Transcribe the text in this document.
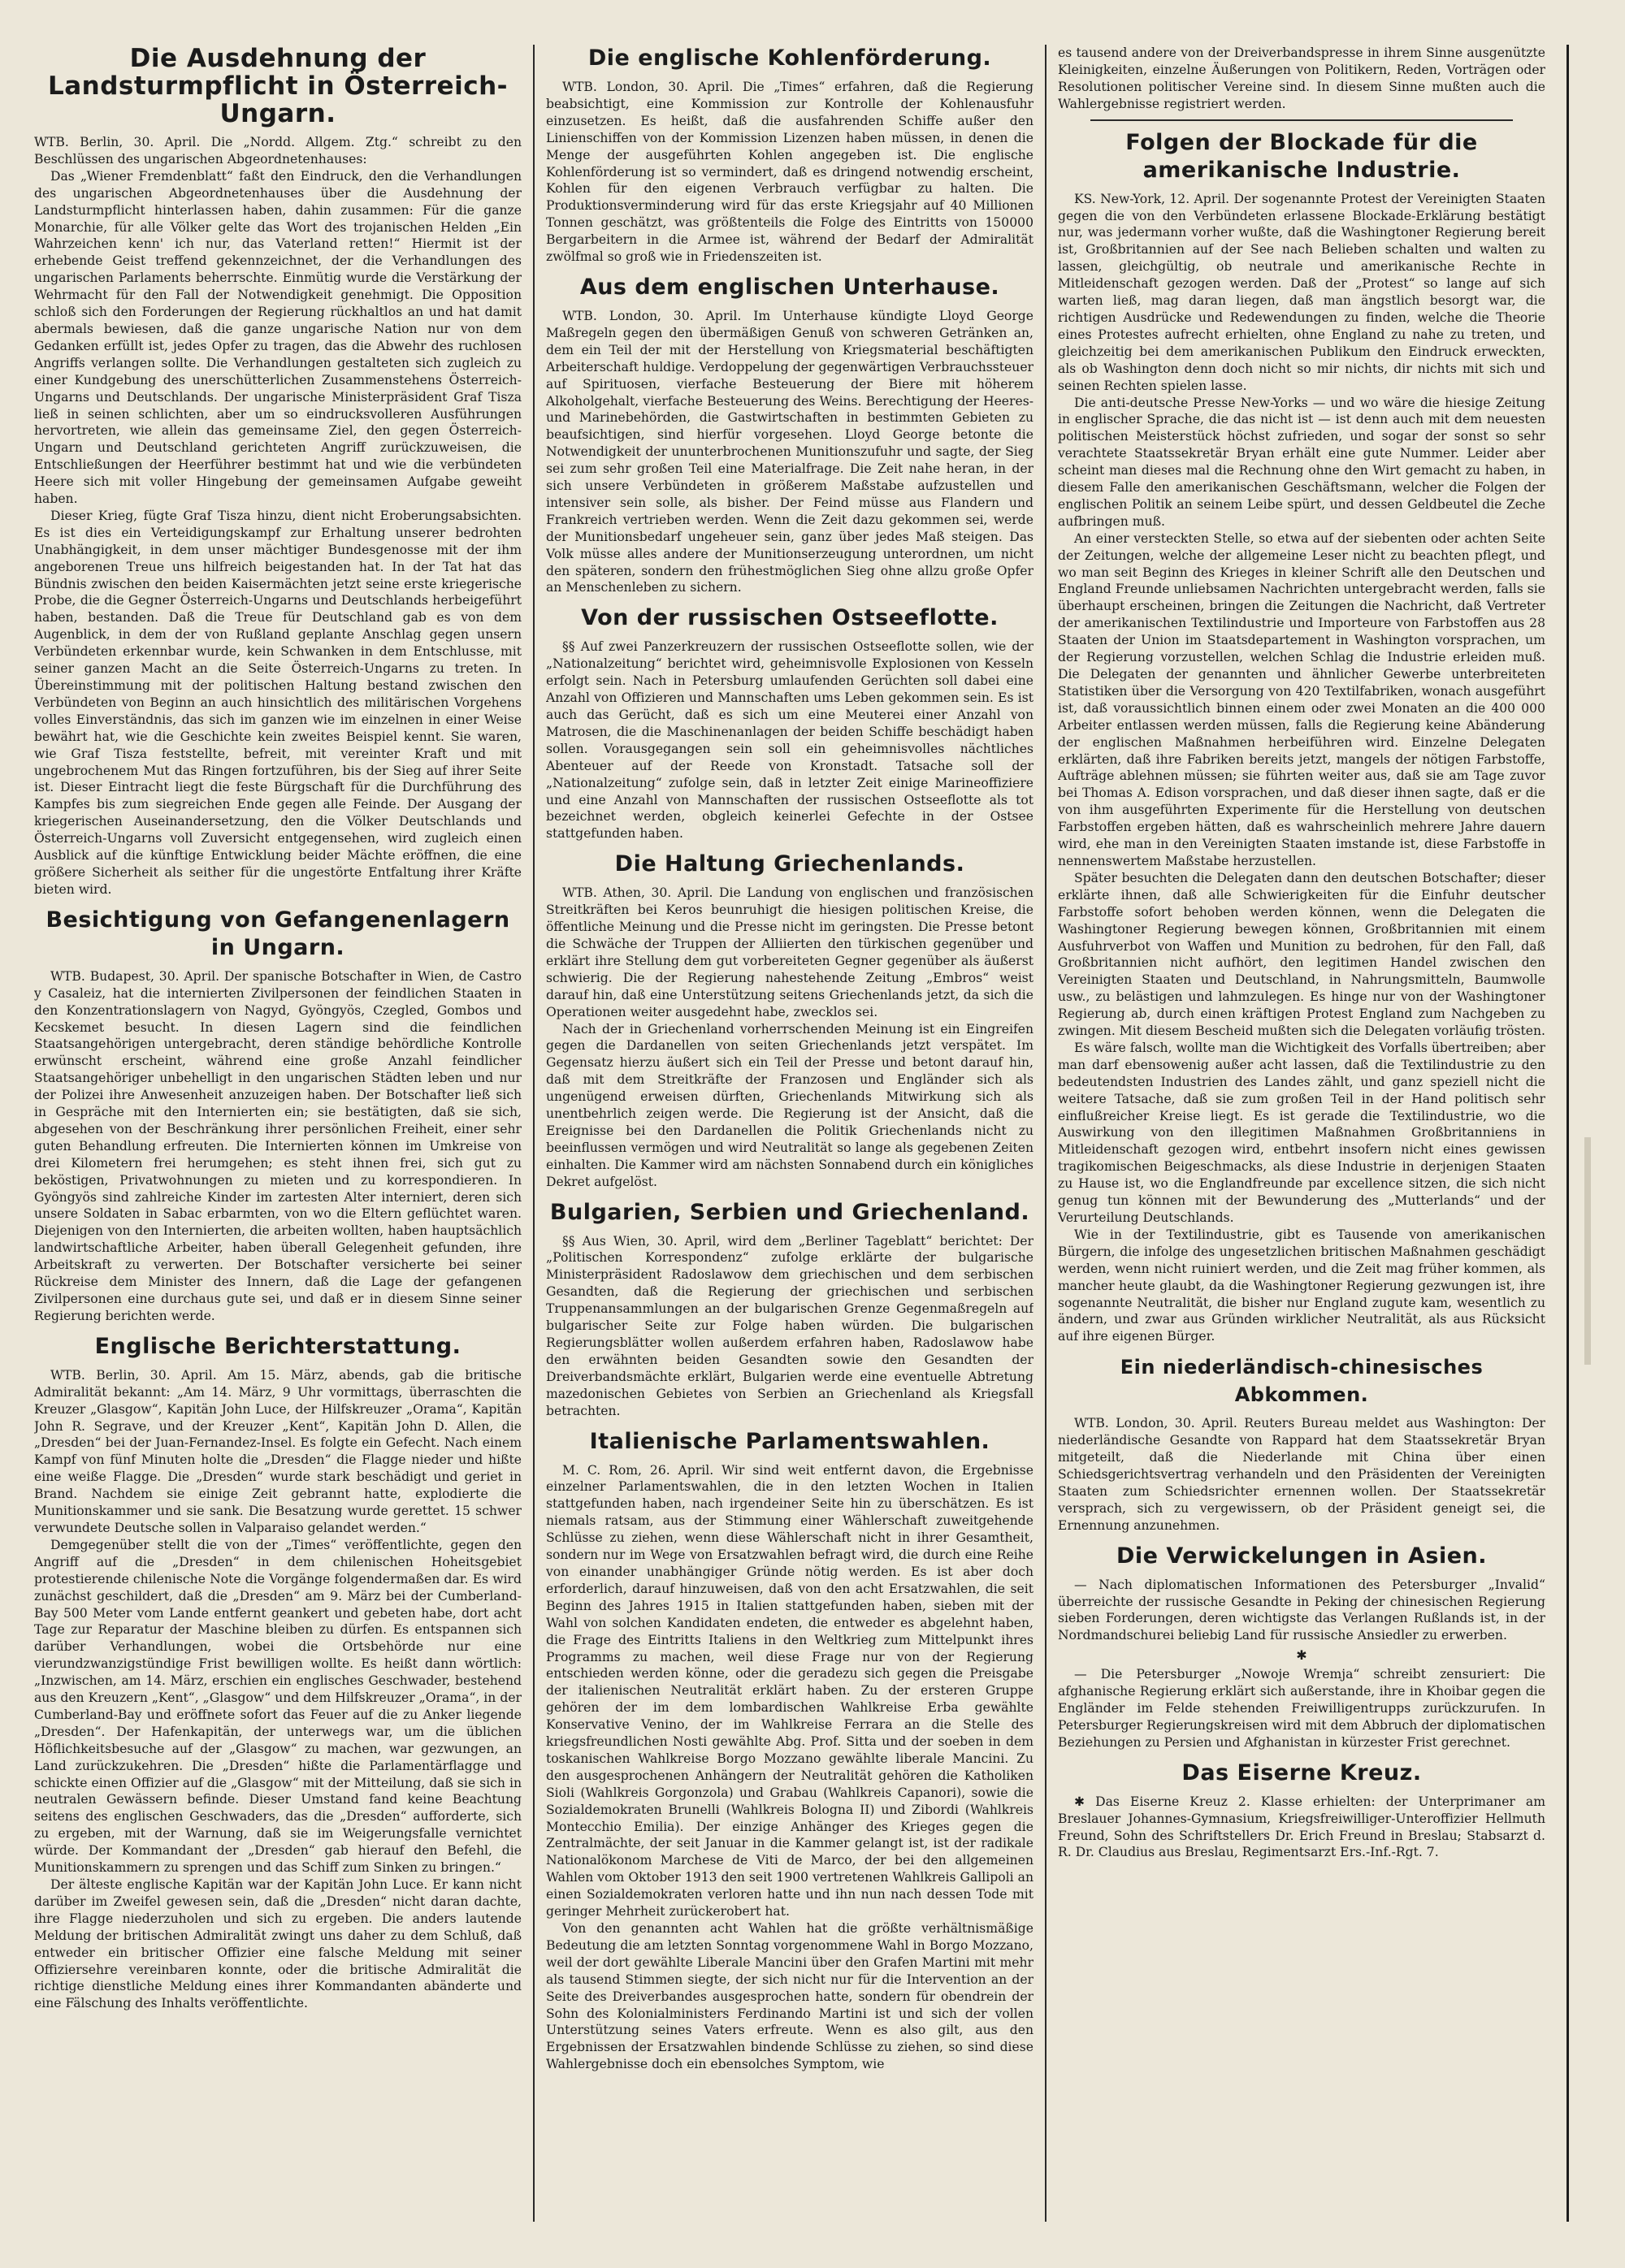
Die Ausdehnung der Landsturmpflicht in Österreich-Ungarn.

WTB. Berlin, 30. April. Die „Nordd. Allgem. Ztg.“ schreibt zu den Beschlüssen des ungarischen Abgeordnetenhauses:

Das „Wiener Fremdenblatt“ faßt den Eindruck, den die Verhandlungen des ungarischen Abgeordnetenhauses über die Ausdehnung der Landsturmpflicht hinterlassen haben, dahin zusammen: Für die ganze Monarchie, für alle Völker gelte das Wort des trojanischen Helden „Ein Wahrzeichen kenn' ich nur, das Vaterland retten!“ Hiermit ist der erhebende Geist treffend gekennzeichnet, der die Verhandlungen des ungarischen Parlaments beherrschte. Einmütig wurde die Verstärkung der Wehrmacht für den Fall der Notwendigkeit genehmigt. Die Opposition schloß sich den Forderungen der Regierung rückhaltlos an und hat damit abermals bewiesen, daß die ganze ungarische Nation nur von dem Gedanken erfüllt ist, jedes Opfer zu tragen, das die Abwehr des ruchlosen Angriffs verlangen sollte. Die Verhandlungen gestalteten sich zugleich zu einer Kundgebung des unerschütterlichen Zusammenstehens Österreich-Ungarns und Deutschlands. Der ungarische Ministerpräsident Graf Tisza ließ in seinen schlichten, aber um so eindrucksvolleren Ausführungen hervortreten, wie allein das gemeinsame Ziel, den gegen Österreich-Ungarn und Deutschland gerichteten Angriff zurückzuweisen, die Entschließungen der Heerführer bestimmt hat und wie die verbündeten Heere sich mit voller Hingebung der gemeinsamen Aufgabe geweiht haben.

Dieser Krieg, fügte Graf Tisza hinzu, dient nicht Eroberungsabsichten. Es ist dies ein Verteidigungskampf zur Erhaltung unserer bedrohten Unabhängigkeit, in dem unser mächtiger Bundesgenosse mit der ihm angeborenen Treue uns hilfreich beigestanden hat. In der Tat hat das Bündnis zwischen den beiden Kaisermächten jetzt seine erste kriegerische Probe, die die Gegner Österreich-Ungarns und Deutschlands herbeigeführt haben, bestanden. Daß die Treue für Deutschland gab es von dem Augenblick, in dem der von Rußland geplante Anschlag gegen unsern Verbündeten erkennbar wurde, kein Schwanken in dem Entschlusse, mit seiner ganzen Macht an die Seite Österreich-Ungarns zu treten. In Übereinstimmung mit der politischen Haltung bestand zwischen den Verbündeten von Beginn an auch hinsichtlich des militärischen Vorgehens volles Einverständnis, das sich im ganzen wie im einzelnen in einer Weise bewährt hat, wie die Geschichte kein zweites Beispiel kennt. Sie waren, wie Graf Tisza feststellte, befreit, mit vereinter Kraft und mit ungebrochenem Mut das Ringen fortzuführen, bis der Sieg auf ihrer Seite ist. Dieser Eintracht liegt die feste Bürgschaft für die Durchführung des Kampfes bis zum siegreichen Ende gegen alle Feinde. Der Ausgang der kriegerischen Auseinandersetzung, den die Völker Deutschlands und Österreich-Ungarns voll Zuversicht entgegensehen, wird zugleich einen Ausblick auf die künftige Entwicklung beider Mächte eröffnen, die eine größere Sicherheit als seither für die ungestörte Entfaltung ihrer Kräfte bieten wird.

Besichtigung von Gefangenenlagern in Ungarn.

WTB. Budapest, 30. April. Der spanische Botschafter in Wien, de Castro y Casaleiz, hat die internierten Zivilpersonen der feindlichen Staaten in den Konzentrationslagern von Nagyd, Gyöngyös, Czegled, Gombos und Kecskemet besucht. In diesen Lagern sind die feindlichen Staatsangehörigen untergebracht, deren ständige behördliche Kontrolle erwünscht erscheint, während eine große Anzahl feindlicher Staatsangehöriger unbehelligt in den ungarischen Städten leben und nur der Polizei ihre Anwesenheit anzuzeigen haben. Der Botschafter ließ sich in Gespräche mit den Internierten ein; sie bestätigten, daß sie sich, abgesehen von der Beschränkung ihrer persönlichen Freiheit, einer sehr guten Behandlung erfreuten. Die Internierten können im Umkreise von drei Kilometern frei herumgehen; es steht ihnen frei, sich gut zu beköstigen, Privatwohnungen zu mieten und zu korrespondieren. In Gyöngyös sind zahlreiche Kinder im zartesten Alter interniert, deren sich unsere Soldaten in Sabac erbarmten, von wo die Eltern geflüchtet waren. Diejenigen von den Internierten, die arbeiten wollten, haben hauptsächlich landwirtschaftliche Arbeiter, haben überall Gelegenheit gefunden, ihre Arbeitskraft zu verwerten. Der Botschafter versicherte bei seiner Rückreise dem Minister des Innern, daß die Lage der gefangenen Zivilpersonen eine durchaus gute sei, und daß er in diesem Sinne seiner Regierung berichten werde.

Englische Berichterstattung.

WTB. Berlin, 30. April. Am 15. März, abends, gab die britische Admiralität bekannt: „Am 14. März, 9 Uhr vormittags, überraschten die Kreuzer „Glasgow“, Kapitän John Luce, der Hilfskreuzer „Orama“, Kapitän John R. Segrave, und der Kreuzer „Kent“, Kapitän John D. Allen, die „Dresden“ bei der Juan-Fernandez-Insel. Es folgte ein Gefecht. Nach einem Kampf von fünf Minuten holte die „Dresden“ die Flagge nieder und hißte eine weiße Flagge. Die „Dresden“ wurde stark beschädigt und geriet in Brand. Nachdem sie einige Zeit gebrannt hatte, explodierte die Munitionskammer und sie sank. Die Besatzung wurde gerettet. 15 schwer verwundete Deutsche sollen in Valparaiso gelandet werden.“

Demgegenüber stellt die von der „Times“ veröffentlichte, gegen den Angriff auf die „Dresden“ in dem chilenischen Hoheitsgebiet protestierende chilenische Note die Vorgänge folgendermaßen dar. Es wird zunächst geschildert, daß die „Dresden“ am 9. März bei der Cumberland-Bay 500 Meter vom Lande entfernt geankert und gebeten habe, dort acht Tage zur Reparatur der Maschine bleiben zu dürfen. Es entspannen sich darüber Verhandlungen, wobei die Ortsbehörde nur eine vierundzwanzigstündige Frist bewilligen wollte. Es heißt dann wörtlich: „Inzwischen, am 14. März, erschien ein englisches Geschwader, bestehend aus den Kreuzern „Kent“, „Glasgow“ und dem Hilfskreuzer „Orama“, in der Cumberland-Bay und eröffnete sofort das Feuer auf die zu Anker liegende „Dresden“. Der Hafenkapitän, der unterwegs war, um die üblichen Höflichkeitsbesuche auf der „Glasgow“ zu machen, war gezwungen, an Land zurückzukehren. Die „Dresden“ hißte die Parlamentärflagge und schickte einen Offizier auf die „Glasgow“ mit der Mitteilung, daß sie sich in neutralen Gewässern befinde. Dieser Umstand fand keine Beachtung seitens des englischen Geschwaders, das die „Dresden“ aufforderte, sich zu ergeben, mit der Warnung, daß sie im Weigerungsfalle vernichtet würde. Der Kommandant der „Dresden“ gab hierauf den Befehl, die Munitionskammern zu sprengen und das Schiff zum Sinken zu bringen.“

Der älteste englische Kapitän war der Kapitän John Luce. Er kann nicht darüber im Zweifel gewesen sein, daß die „Dresden“ nicht daran dachte, ihre Flagge niederzuholen und sich zu ergeben. Die anders lautende Meldung der britischen Admiralität zwingt uns daher zu dem Schluß, daß entweder ein britischer Offizier eine falsche Meldung mit seiner Offiziersehre vereinbaren konnte, oder die britische Admiralität die richtige dienstliche Meldung eines ihrer Kommandanten abänderte und eine Fälschung des Inhalts veröffentlichte.

Die englische Kohlenförderung.

WTB. London, 30. April. Die „Times“ erfahren, daß die Regierung beabsichtigt, eine Kommission zur Kontrolle der Kohlenausfuhr einzusetzen. Es heißt, daß die ausfahrenden Schiffe außer den Linienschiffen von der Kommission Lizenzen haben müssen, in denen die Menge der ausgeführten Kohlen angegeben ist. Die englische Kohlenförderung ist so vermindert, daß es dringend notwendig erscheint, Kohlen für den eigenen Verbrauch verfügbar zu halten. Die Produktionsverminderung wird für das erste Kriegsjahr auf 40 Millionen Tonnen geschätzt, was größtenteils die Folge des Eintritts von 150000 Bergarbeitern in die Armee ist, während der Bedarf der Admiralität zwölfmal so groß wie in Friedenszeiten ist.

Aus dem englischen Unterhause.

WTB. London, 30. April. Im Unterhause kündigte Lloyd George Maßregeln gegen den übermäßigen Genuß von schweren Getränken an, dem ein Teil der mit der Herstellung von Kriegsmaterial beschäftigten Arbeiterschaft huldige. Verdoppelung der gegenwärtigen Verbrauchssteuer auf Spirituosen, vierfache Besteuerung der Biere mit höherem Alkoholgehalt, vierfache Besteuerung des Weins. Berechtigung der Heeres- und Marinebehörden, die Gastwirtschaften in bestimmten Gebieten zu beaufsichtigen, sind hierfür vorgesehen. Lloyd George betonte die Notwendigkeit der ununterbrochenen Munitionszufuhr und sagte, der Sieg sei zum sehr großen Teil eine Materialfrage. Die Zeit nahe heran, in der sich unsere Verbündeten in größerem Maßstabe aufzustellen und intensiver sein solle, als bisher. Der Feind müsse aus Flandern und Frankreich vertrieben werden. Wenn die Zeit dazu gekommen sei, werde der Munitionsbedarf ungeheuer sein, ganz über jedes Maß steigen. Das Volk müsse alles andere der Munitionserzeugung unterordnen, um nicht den späteren, sondern den frühestmöglichen Sieg ohne allzu große Opfer an Menschenleben zu sichern.

Von der russischen Ostseeflotte.

§§ Auf zwei Panzerkreuzern der russischen Ostseeflotte sollen, wie der „Nationalzeitung“ berichtet wird, geheimnisvolle Explosionen von Kesseln erfolgt sein. Nach in Petersburg umlaufenden Gerüchten soll dabei eine Anzahl von Offizieren und Mannschaften ums Leben gekommen sein. Es ist auch das Gerücht, daß es sich um eine Meuterei einer Anzahl von Matrosen, die die Maschinenanlagen der beiden Schiffe beschädigt haben sollen. Vorausgegangen sein soll ein geheimnisvolles nächtliches Abenteuer auf der Reede von Kronstadt. Tatsache soll der „Nationalzeitung“ zufolge sein, daß in letzter Zeit einige Marineoffiziere und eine Anzahl von Mannschaften der russischen Ostseeflotte als tot bezeichnet werden, obgleich keinerlei Gefechte in der Ostsee stattgefunden haben.

Die Haltung Griechenlands.

WTB. Athen, 30. April. Die Landung von englischen und französischen Streitkräften bei Keros beunruhigt die hiesigen politischen Kreise, die öffentliche Meinung und die Presse nicht im geringsten. Die Presse betont die Schwäche der Truppen der Alliierten den türkischen gegenüber und erklärt ihre Stellung dem gut vorbereiteten Gegner gegenüber als äußerst schwierig. Die der Regierung nahestehende Zeitung „Embros“ weist darauf hin, daß eine Unterstützung seitens Griechenlands jetzt, da sich die Operationen weiter ausgedehnt habe, zwecklos sei.

Nach der in Griechenland vorherrschenden Meinung ist ein Eingreifen gegen die Dardanellen von seiten Griechenlands jetzt verspätet. Im Gegensatz hierzu äußert sich ein Teil der Presse und betont darauf hin, daß mit dem Streitkräfte der Franzosen und Engländer sich als ungenügend erweisen dürften, Griechenlands Mitwirkung sich als unentbehrlich zeigen werde. Die Regierung ist der Ansicht, daß die Ereignisse bei den Dardanellen die Politik Griechenlands nicht zu beeinflussen vermögen und wird Neutralität so lange als gegebenen Zeiten einhalten. Die Kammer wird am nächsten Sonnabend durch ein königliches Dekret aufgelöst.

Bulgarien, Serbien und Griechenland.

§§ Aus Wien, 30. April, wird dem „Berliner Tageblatt“ berichtet: Der „Politischen Korrespondenz“ zufolge erklärte der bulgarische Ministerpräsident Radoslawow dem griechischen und dem serbischen Gesandten, daß die Regierung der griechischen und serbischen Truppenansammlungen an der bulgarischen Grenze Gegenmaßregeln auf bulgarischer Seite zur Folge haben würden. Die bulgarischen Regierungsblätter wollen außerdem erfahren haben, Radoslawow habe den erwähnten beiden Gesandten sowie den Gesandten der Dreiverbandsmächte erklärt, Bulgarien werde eine eventuelle Abtretung mazedonischen Gebietes von Serbien an Griechenland als Kriegsfall betrachten.

Italienische Parlamentswahlen.

M. C. Rom, 26. April. Wir sind weit entfernt davon, die Ergebnisse einzelner Parlamentswahlen, die in den letzten Wochen in Italien stattgefunden haben, nach irgendeiner Seite hin zu überschätzen. Es ist niemals ratsam, aus der Stimmung einer Wählerschaft zuweitgehende Schlüsse zu ziehen, wenn diese Wählerschaft nicht in ihrer Gesamtheit, sondern nur im Wege von Ersatzwahlen befragt wird, die durch eine Reihe von einander unabhängiger Gründe nötig werden. Es ist aber doch erforderlich, darauf hinzuweisen, daß von den acht Ersatzwahlen, die seit Beginn des Jahres 1915 in Italien stattgefunden haben, sieben mit der Wahl von solchen Kandidaten endeten, die entweder es abgelehnt haben, die Frage des Eintritts Italiens in den Weltkrieg zum Mittelpunkt ihres Programms zu machen, weil diese Frage nur von der Regierung entschieden werden könne, oder die geradezu sich gegen die Preisgabe der italienischen Neutralität erklärt haben. Zu der ersteren Gruppe gehören der im dem lombardischen Wahlkreise Erba gewählte Konservative Venino, der im Wahlkreise Ferrara an die Stelle des kriegsfreundlichen Nosti gewählte Abg. Prof. Sitta und der soeben in dem toskanischen Wahlkreise Borgo Mozzano gewählte liberale Mancini. Zu den ausgesprochenen Anhängern der Neutralität gehören die Katholiken Sioli (Wahlkreis Gorgonzola) und Grabau (Wahlkreis Capanori), sowie die Sozialdemokraten Brunelli (Wahlkreis Bologna II) und Zibordi (Wahlkreis Montecchio Emilia). Der einzige Anhänger des Krieges gegen die Zentralmächte, der seit Januar in die Kammer gelangt ist, ist der radikale Nationalökonom Marchese de Viti de Marco, der bei den allgemeinen Wahlen vom Oktober 1913 den seit 1900 vertretenen Wahlkreis Gallipoli an einen Sozialdemokraten verloren hatte und ihn nun nach dessen Tode mit geringer Mehrheit zurückerobert hat.

Von den genannten acht Wahlen hat die größte verhältnismäßige Bedeutung die am letzten Sonntag vorgenommene Wahl in Borgo Mozzano, weil der dort gewählte Liberale Mancini über den Grafen Martini mit mehr als tausend Stimmen siegte, der sich nicht nur für die Intervention an der Seite des Dreiverbandes ausgesprochen hatte, sondern für obendrein der Sohn des Kolonialministers Ferdinando Martini ist und sich der vollen Unterstützung seines Vaters erfreute. Wenn es also gilt, aus den Ergebnissen der Ersatzwahlen bindende Schlüsse zu ziehen, so sind diese Wahlergebnisse doch ein ebensolches Symptom, wie

es tausend andere von der Dreiverbandspresse in ihrem Sinne ausgenützte Kleinigkeiten, einzelne Äußerungen von Politikern, Reden, Vorträgen oder Resolutionen politischer Vereine sind. In diesem Sinne mußten auch die Wahlergebnisse registriert werden.

Folgen der Blockade für die amerikanische Industrie.

KS. New-York, 12. April. Der sogenannte Protest der Vereinigten Staaten gegen die von den Verbündeten erlassene Blockade-Erklärung bestätigt nur, was jedermann vorher wußte, daß die Washingtoner Regierung bereit ist, Großbritannien auf der See nach Belieben schalten und walten zu lassen, gleichgültig, ob neutrale und amerikanische Rechte in Mitleidenschaft gezogen werden. Daß der „Protest“ so lange auf sich warten ließ, mag daran liegen, daß man ängstlich besorgt war, die richtigen Ausdrücke und Redewendungen zu finden, welche die Theorie eines Protestes aufrecht erhielten, ohne England zu nahe zu treten, und gleichzeitig bei dem amerikanischen Publikum den Eindruck erweckten, als ob Washington denn doch nicht so mir nichts, dir nichts mit sich und seinen Rechten spielen lasse.

Die anti-deutsche Presse New-Yorks — und wo wäre die hiesige Zeitung in englischer Sprache, die das nicht ist — ist denn auch mit dem neuesten politischen Meisterstück höchst zufrieden, und sogar der sonst so sehr verachtete Staatssekretär Bryan erhält eine gute Nummer. Leider aber scheint man dieses mal die Rechnung ohne den Wirt gemacht zu haben, in diesem Falle den amerikanischen Geschäftsmann, welcher die Folgen der englischen Politik an seinem Leibe spürt, und dessen Geldbeutel die Zeche aufbringen muß.

An einer versteckten Stelle, so etwa auf der siebenten oder achten Seite der Zeitungen, welche der allgemeine Leser nicht zu beachten pflegt, und wo man seit Beginn des Krieges in kleiner Schrift alle den Deutschen und England Freunde unliebsamen Nachrichten untergebracht werden, falls sie überhaupt erscheinen, bringen die Zeitungen die Nachricht, daß Vertreter der amerikanischen Textilindustrie und Importeure von Farbstoffen aus 28 Staaten der Union im Staatsdepartement in Washington vorsprachen, um der Regierung vorzustellen, welchen Schlag die Industrie erleiden muß. Die Delegaten der genannten und ähnlicher Gewerbe unterbreiteten Statistiken über die Versorgung von 420 Textilfabriken, wonach ausgeführt ist, daß voraussichtlich binnen einem oder zwei Monaten an die 400 000 Arbeiter entlassen werden müssen, falls die Regierung keine Abänderung der englischen Maßnahmen herbeiführen wird. Einzelne Delegaten erklärten, daß ihre Fabriken bereits jetzt, mangels der nötigen Farbstoffe, Aufträge ablehnen müssen; sie führten weiter aus, daß sie am Tage zuvor bei Thomas A. Edison vorsprachen, und daß dieser ihnen sagte, daß er die von ihm ausgeführten Experimente für die Herstellung von deutschen Farbstoffen ergeben hätten, daß es wahrscheinlich mehrere Jahre dauern wird, ehe man in den Vereinigten Staaten imstande ist, diese Farbstoffe in nennenswertem Maßstabe herzustellen.

Später besuchten die Delegaten dann den deutschen Botschafter; dieser erklärte ihnen, daß alle Schwierigkeiten für die Einfuhr deutscher Farbstoffe sofort behoben werden können, wenn die Delegaten die Washingtoner Regierung bewegen können, Großbritannien mit einem Ausfuhrverbot von Waffen und Munition zu bedrohen, für den Fall, daß Großbritannien nicht aufhört, den legitimen Handel zwischen den Vereinigten Staaten und Deutschland, in Nahrungsmitteln, Baumwolle usw., zu belästigen und lahmzulegen. Es hinge nur von der Washingtoner Regierung ab, durch einen kräftigen Protest England zum Nachgeben zu zwingen. Mit diesem Bescheid mußten sich die Delegaten vorläufig trösten.

Es wäre falsch, wollte man die Wichtigkeit des Vorfalls übertreiben; aber man darf ebensowenig außer acht lassen, daß die Textilindustrie zu den bedeutendsten Industrien des Landes zählt, und ganz speziell nicht die weitere Tatsache, daß sie zum großen Teil in der Hand politisch sehr einflußreicher Kreise liegt. Es ist gerade die Textilindustrie, wo die Auswirkung von den illegitimen Maßnahmen Großbritanniens in Mitleidenschaft gezogen wird, entbehrt insofern nicht eines gewissen tragikomischen Beigeschmacks, als diese Industrie in derjenigen Staaten zu Hause ist, wo die Englandfreunde par excellence sitzen, die sich nicht genug tun können mit der Bewunderung des „Mutterlands“ und der Verurteilung Deutschlands.

Wie in der Textilindustrie, gibt es Tausende von amerikanischen Bürgern, die infolge des ungesetzlichen britischen Maßnahmen geschädigt werden, wenn nicht ruiniert werden, und die Zeit mag früher kommen, als mancher heute glaubt, da die Washingtoner Regierung gezwungen ist, ihre sogenannte Neutralität, die bisher nur England zugute kam, wesentlich zu ändern, und zwar aus Gründen wirklicher Neutralität, als aus Rücksicht auf ihre eigenen Bürger.

Ein niederländisch-chinesisches Abkommen.

WTB. London, 30. April. Reuters Bureau meldet aus Washington: Der niederländische Gesandte von Rappard hat dem Staatssekretär Bryan mitgeteilt, daß die Niederlande mit China über einen Schiedsgerichtsvertrag verhandeln und den Präsidenten der Vereinigten Staaten zum Schiedsrichter ernennen wollen. Der Staatssekretär versprach, sich zu vergewissern, ob der Präsident geneigt sei, die Ernennung anzunehmen.

Die Verwickelungen in Asien.

— Nach diplomatischen Informationen des Petersburger „Invalid“ überreichte der russische Gesandte in Peking der chinesischen Regierung sieben Forderungen, deren wichtigste das Verlangen Rußlands ist, in der Nordmandschurei beliebig Land für russische Ansiedler zu erwerben.

✱

— Die Petersburger „Nowoje Wremja“ schreibt zensuriert: Die afghanische Regierung erklärt sich außerstande, ihre in Khoibar gegen die Engländer im Felde stehenden Freiwilligentrupps zurückzurufen. In Petersburger Regierungskreisen wird mit dem Abbruch der diplomatischen Beziehungen zu Persien und Afghanistan in kürzester Frist gerechnet.

Das Eiserne Kreuz.

✱ Das Eiserne Kreuz 2. Klasse erhielten: der Unterprimaner am Breslauer Johannes-Gymnasium, Kriegsfreiwilliger-Unteroffizier Hellmuth Freund, Sohn des Schriftstellers Dr. Erich Freund in Breslau; Stabsarzt d. R. Dr. Claudius aus Breslau, Regimentsarzt Ers.-Inf.-Rgt. 7.
